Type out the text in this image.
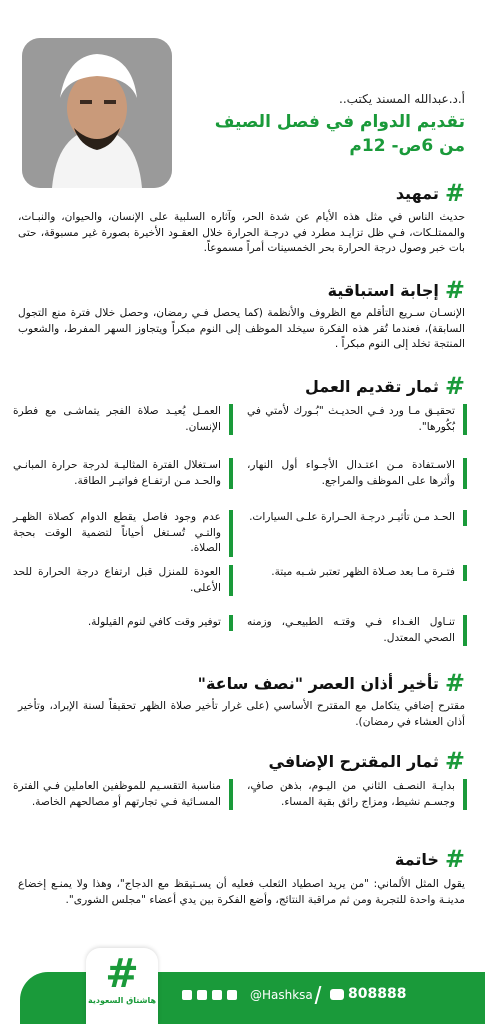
أ.د.عبدالله المسند يكتب..
تقديم الدوام في فصل الصيف
من 6ص- 12م
#
تمهيد
حديث الناس في مثل هذه الأيام عن شدة الحر، وآثاره السلبية على الإنسان، والحيوان، والنبـات، والممتلـكات، فـي ظل تزايـد مطرد في درجـة الحرارة خلال العقـود الأخيرة بصورة غير مسبوقة، حتى بات خبر وصول درجة الحرارة بحر الخمسينات أمراً مسموعاً.
#
إجابة استباقية
الإنسـان سـريع التأقلم مع الظروف والأنظمة (كما يحصل فـي رمضان، وحصل خلال فترة منع التجول السابقة)، فعندما تُقر هذه الفكرة سيخلد الموظف إلى النوم مبكراً ويتجاوز السهر المفرط، والشعوب المنتجة تخلد إلى النوم مبكراً .
#
ثمار تقديم العمل
تحقيـق مـا ورد فـي الحديـث "بُـورك لأمتي في بُكُورها".
العمـل يُعيـد صلاة الفجر يتماشـى مع فطرة الإنسان.
الاسـتفادة مـن اعتـدال الأجـواء أول النهار، وأثرها على الموظف والمراجع.
اسـتغلال الفترة المثاليـة لدرجة حرارة المبانـي والحـد مـن ارتفـاع فواتيـر الطاقة.
الحـد مـن تأثيـر درجـة الحـرارة علـى السيارات.
عدم وجود فاصل يقطع الدوام كصلاة الظهـر والتـي تُسـتغل أحياناً لتضمية الوقت بحجة الصلاة.
فتـرة مـا بعد صـلاة الظهر تعتبر شـبه ميتة.
العودة للمنزل قبل ارتفاع درجة الحرارة للحد الأعلى.
تنـاول الغـداء فـي وقتـه الطبيعـي، وزمنه الصحي المعتدل.
توفير وقت كافي لنوم القيلولة.
#
تأخير أذان العصر "نصف ساعة"
مقترح إضافي يتكامل مع المقترح الأساسي (على غرار تأخير صلاة الظهر تحقيقاً لسنة الإبراد، وتأخير أذان العشاء في رمضان).
#
ثمار المقترح الإضافي
بدايـة النصـف الثاني من اليـوم، بذهن صافٍ، وجسـم نشيط، ومزاج رائق بقية المساء.
مناسبة التقسـيم للموظفين العاملين فـي الفترة المسـائية فـي تجارتهم أو مصالحهم الخاصة.
#
خاتمة
يقول المثل الألماني: "من يريد اصطياد الثعلب فعليه أن يسـتيقظ مع الدجاج"، وهذا ولا يمنـع إخضاع مدينـة واحدة للتجربة ومن ثم مراقبة النتائج، وأضع الفكرة بين يدي أعضاء "مجلس الشورى".
#
هاشتاق السعودية	@Hashksa	808888
